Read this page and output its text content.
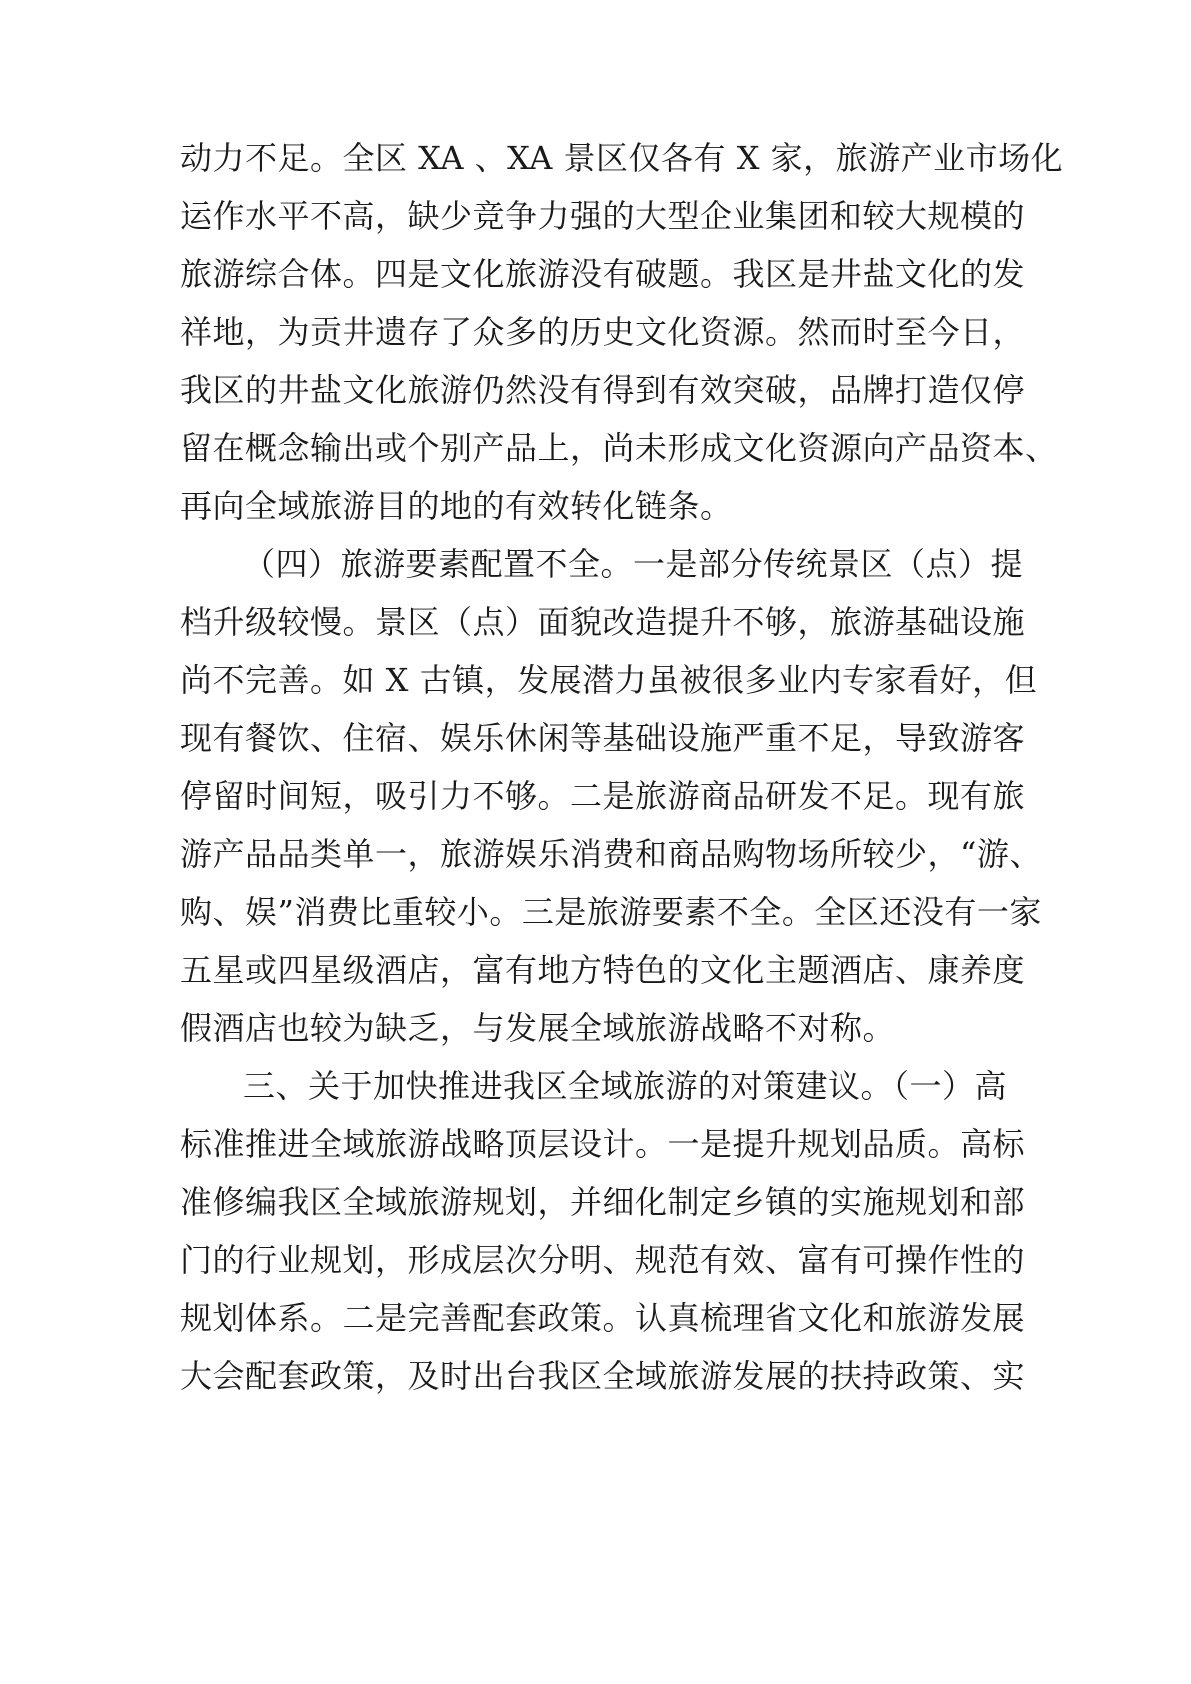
动力不足。全区 XA 、XA 景区仅各有 X 家，旅游产业市场化
运作水平不高，缺少竞争力强的大型企业集团和较大规模的
旅游综合体。四是文化旅游没有破题。我区是井盐文化的发
祥地，为贡井遗存了众多的历史文化资源。然而时至今日，
我区的井盐文化旅游仍然没有得到有效突破，品牌打造仅停
留在概念输出或个别产品上，尚未形成文化资源向产品资本、
再向全域旅游目的地的有效转化链条。
（四）旅游要素配置不全。一是部分传统景区（点）提
档升级较慢。景区（点）面貌改造提升不够，旅游基础设施
尚不完善。如 X 古镇，发展潜力虽被很多业内专家看好，但
现有餐饮、住宿、娱乐休闲等基础设施严重不足，导致游客
停留时间短，吸引力不够。二是旅游商品研发不足。现有旅
游产品品类单一，旅游娱乐消费和商品购物场所较少，“游、
购、娱”消费比重较小。三是旅游要素不全。全区还没有一家
五星或四星级酒店，富有地方特色的文化主题酒店、康养度
假酒店也较为缺乏，与发展全域旅游战略不对称。
三、关于加快推进我区全域旅游的对策建议。（一）高
标准推进全域旅游战略顶层设计。一是提升规划品质。高标
准修编我区全域旅游规划，并细化制定乡镇的实施规划和部
门的行业规划，形成层次分明、规范有效、富有可操作性的
规划体系。二是完善配套政策。认真梳理省文化和旅游发展
大会配套政策，及时出台我区全域旅游发展的扶持政策、实
